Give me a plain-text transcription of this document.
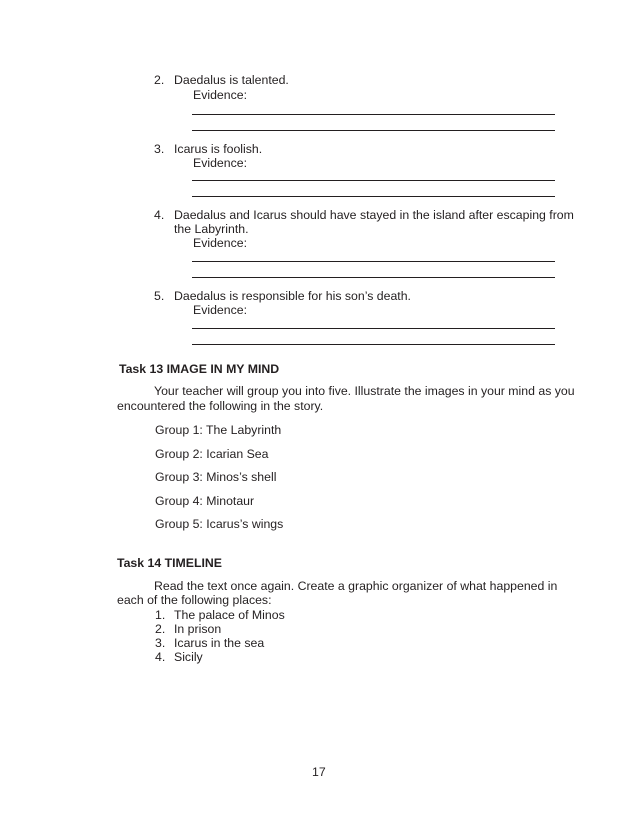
2. Daedalus is talented.
Evidence:
3. Icarus is foolish.
Evidence:
4. Daedalus and Icarus should have stayed in the island after escaping from
the Labyrinth.
Evidence:
5. Daedalus is responsible for his son’s death.
Evidence:
Task 13 IMAGE IN MY MIND
Your teacher will group you into five. Illustrate the images in your mind as you
encountered the following in the story.
Group 1: The Labyrinth
Group 2: Icarian Sea
Group 3: Minos’s shell
Group 4: Minotaur
Group 5: Icarus’s wings
Task 14 TIMELINE
Read the text once again. Create a graphic organizer of what happened in
each of the following places:
1. The palace of Minos
2. In prison
3. Icarus in the sea
4. Sicily
17
